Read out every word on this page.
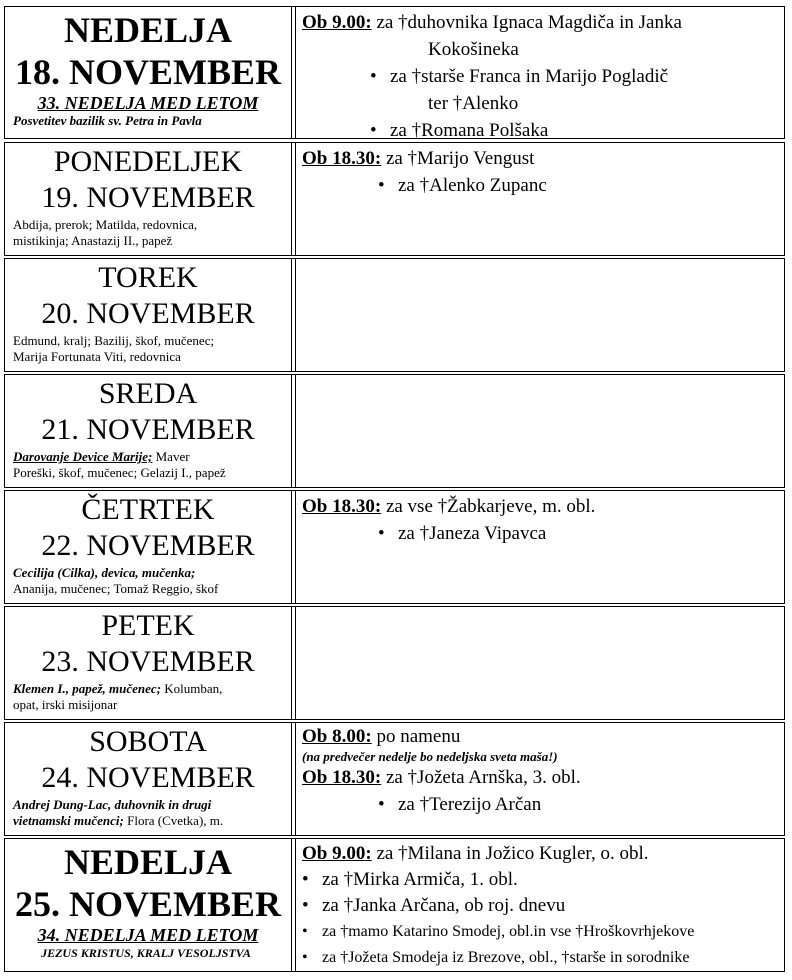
NEDELJA
18. NOVEMBER
33. NEDELJA MED LETOM
Posvetitev bazilik sv. Petra in Pavla
Ob 9.00: za †duhovnika Ignaca Magdiča in Janka
Kokošineka
• za †starše Franca in Marijo Pogladič
ter †Alenko
• za †Romana Polšaka
PONEDELJEK
19. NOVEMBER
Abdija, prerok; Matilda, redovnica,
mistikinja; Anastazij II., papež
Ob 18.30: za †Marijo Vengust
• za †Alenko Zupanc
TOREK
20. NOVEMBER
Edmund, kralj; Bazilij, škof, mučenec;
Marija Fortunata Viti, redovnica
SREDA
21. NOVEMBER
Darovanje Device Marije; Maver
Poreški, škof, mučenec; Gelazij I., papež
ČETRTEK
22. NOVEMBER
Cecilija (Cilka), devica, mučenka;
Ananija, mučenec; Tomaž Reggio, škof
Ob 18.30: za vse †Žabkarjeve, m. obl.
• za †Janeza Vipavca
PETEK
23. NOVEMBER
Klemen I., papež, mučenec; Kolumban,
opat, irski misijonar
SOBOTA
24. NOVEMBER
Andrej Dung-Lac, duhovnik in drugi
vietnamski mučenci; Flora (Cvetka), m.
Ob 8.00: po namenu
(na predvečer nedelje bo nedeljska sveta maša!)
Ob 18.30: za †Jožeta Arnška, 3. obl.
• za †Terezijo Arčan
NEDELJA
25. NOVEMBER
34. NEDELJA MED LETOM
JEZUS KRISTUS, KRALJ VESOLJSTVA
Ob 9.00: za †Milana in Jožico Kugler, o. obl.
• za †Mirka Armiča, 1. obl.
• za †Janka Arčana, ob roj. dnevu
• za †mamo Katarino Smodej, obl.in vse †Hroškovrhjekove
• za †Jožeta Smodeja iz Brezove, obl., †starše in sorodnike
